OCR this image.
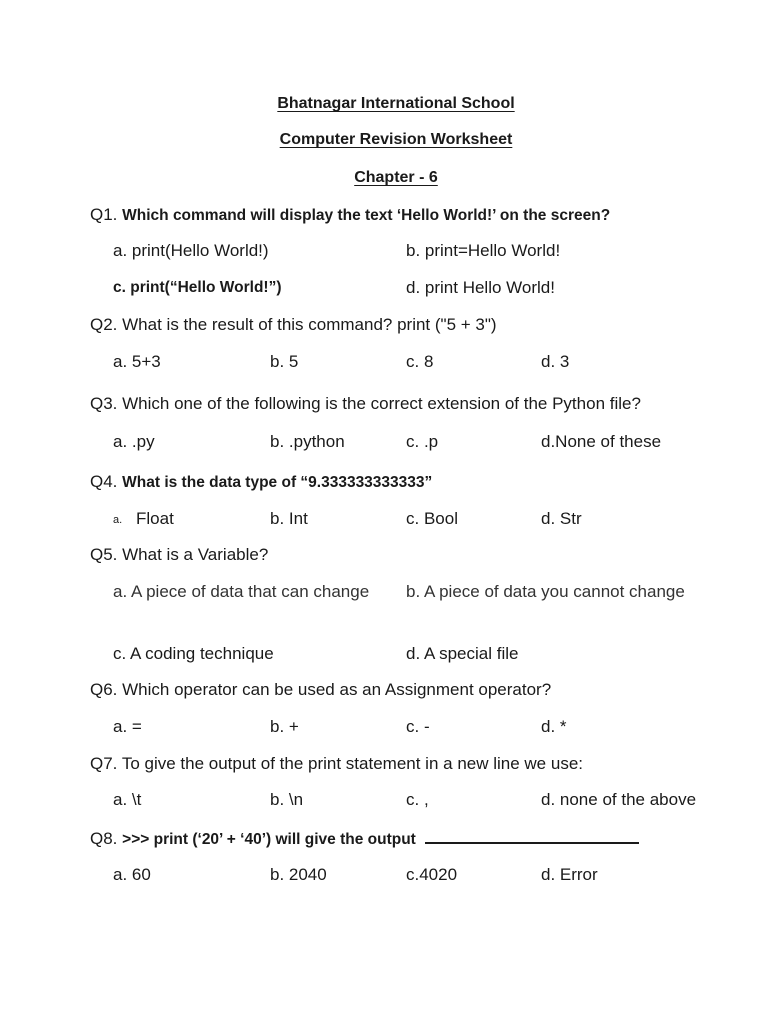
Bhatnagar International School
Computer Revision Worksheet
Chapter - 6
Q1. Which command will display the text ‘Hello World!’ on the screen?
a. print(Hello World!)	b. print=Hello World!
c. print(“Hello World!”)	d. print Hello World!
Q2. What is the result of this command? print ("5 + 3")
a. 5+3	b. 5	c. 8	d. 3
Q3. Which one of the following is the correct extension of the Python file?
a. .py	b. .python	c. .p	d.None of these
Q4. What is the data type of “9.333333333333”
a. Float	b. Int	c. Bool	d. Str
Q5. What is a Variable?
a. A piece of data that can change b. A piece of data you cannot change
c. A coding technique	d. A special file
Q6. Which operator can be used as an Assignment operator?
a. =	b. +	c. -	d. *
Q7. To give the output of the print statement in a new line we use:
a. \t	b. \n	c. ,	d. none of the above
Q8. >>> print (‘20’ + ‘40’) will give the output
a. 60	b. 2040	c.4020	d. Error
